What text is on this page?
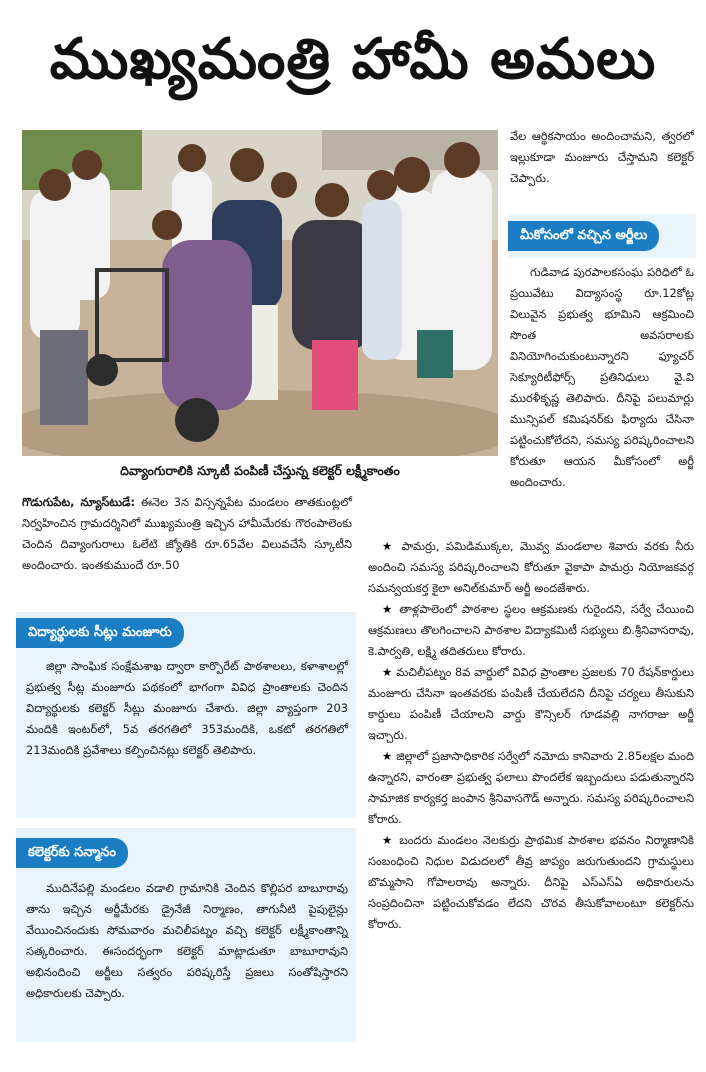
ముఖ్యమంత్రి హామీ అమలు
దివ్యాంగురాలికి స్కూటీ పంపిణీ చేస్తున్న కలెక్టర్ లక్ష్మీకాంతం

వేల ఆర్థికసాయం అందించామని, త్వరలో ఇల్లుకూడా మంజూరు చేస్తామని కలెక్టర్ చెప్పారు.

మీకోసంలో వచ్చిన అర్జీలు

గుడివాడ పురపాలకసంఘ పరిధిలో ఓ ప్రయివేటు విద్యాసంస్థ రూ.12కోట్ల విలువైన ప్రభుత్వ భూమిని ఆక్రమించి సొంత అవసరాలకు వినియోగించుకుంటున్నారని ఫ్యూచర్ సెక్యూరిటీఫోర్స్ ప్రతినిధులు వై.వి మురళీకృష్ణ తెలిపారు. దీనిపై పలుమార్లు మున్సిపల్ కమిషనర్‌కు ఫిర్యాదు చేసినా పట్టించుకోలేదని, సమస్య పరిష్కరించాలని కోరుతూ ఆయన మీకోసంలో అర్జీ అందించారు.

గొడుగుపేట, న్యూస్‌టుడే: ఈనెల 3న విస్సన్నపేట మండలం తాతకుంట్లలో నిర్వహించిన గ్రామదర్శినిలో ముఖ్యమంత్రి ఇచ్చిన హామీమేరకు గౌరంపాలెంకు చెందిన దివ్యాంగురాలు ఓలేటి జ్యోతికి రూ.65వేల విలువచేసే స్కూటీని అందించారు. ఇంతకుముందే రూ.50

విద్యార్థులకు సీట్లు మంజూరు

జిల్లా సాంఘిక సంక్షేమశాఖ ద్వారా కార్పొరేట్ పాఠశాలలు, కళాశాలల్లో ప్రభుత్వ సీట్ల మంజూరు పథకంలో భాగంగా వివిధ ప్రాంతాలకు చెందిన విద్యార్థులకు కలెక్టర్ సీట్లు మంజూరు చేశారు. జిల్లా వ్యాప్తంగా 203 మందికి ఇంటర్‌లో, 5వ తరగతిలో 353మందికి, ఒకటో తరగతిలో 213మందికి ప్రవేశాలు కల్పించినట్లు కలెక్టర్ తెలిపారు.

కలెక్టర్‌కు సన్మానం

ముదినేపల్లి మండలం వడాలి గ్రామానికి చెందిన కొల్లిపర బాబూరావు తాను ఇచ్చిన అర్జీమేరకు డ్రైనేజీ నిర్మాణం, తాగునీటి పైపులైన్లు వేయించినందుకు సోమవారం మచిలీపట్నం వచ్చి కలెక్టర్ లక్ష్మీకాంతాన్ని సత్కరించారు. ఈసందర్భంగా కలెక్టర్ మాట్లాడుతూ బాబూరావుని అభినందించి అర్జీలు సత్వరం పరిష్కరిస్తే ప్రజలు సంతోషిస్తారని అధికారులకు చెప్పారు.

★ పామర్రు, పమిడిముక్కల, మొవ్వ మండలాల శివారు వరకు నీరు అందించి సమస్య పరిష్కరించాలని కోరుతూ వైకాపా పామర్రు నియోజకవర్గ సమన్వయకర్త కైలా అనిల్‌కుమార్ అర్జీ అందజేశారు.

★ తాళ్లపాలెంలో పాఠశాల స్థలం ఆక్రమణకు గురైందని, సర్వే చేయించి ఆక్రమణలు తొలగించాలని పాఠశాల విద్యాకమిటీ సభ్యులు బి.శ్రీనివాసరావు, కె.పార్వతి, లక్ష్మి తదితరులు కోరారు.

★ మచిలీపట్నం 8వ వార్డులో వివిధ ప్రాంతాల ప్రజలకు 70 రేషన్‌కార్డులు మంజూరు చేసినా ఇంతవరకు పంపిణీ చేయలేదని దీనిపై చర్యలు తీసుకుని కార్డులు పంపిణీ చేయాలని వార్డు కౌన్సిలర్ గూడవల్లి నాగరాజు అర్జీ ఇచ్చారు.

★ జిల్లాలో ప్రజాసాధికారిక సర్వేలో నమోదు కానివారు 2.85లక్షల మంది ఉన్నారని, వారంతా ప్రభుత్వ ఫలాలు పొందలేక ఇబ్బందులు పడుతున్నారని సామాజిక కార్యకర్త జంపాన శ్రీనివాసగౌడ్ అన్నారు. సమస్య పరిష్కరించాలని కోరారు.

★ బందరు మండలం నెలకుర్రు ప్రాథమిక పాఠశాల భవనం నిర్మాణానికి సంబంధించి నిధుల విడుదలలో తీవ్ర జాప్యం జరుగుతుందని గ్రామస్థులు బొమ్మసాని గోపాలరావు అన్నారు. దీనిపై ఎస్ఎస్ఏ అధికారులను సంప్రదించినా పట్టించుకోవడం లేదని చొరవ తీసుకోవాలంటూ కలెక్టర్‌ను కోరారు.
